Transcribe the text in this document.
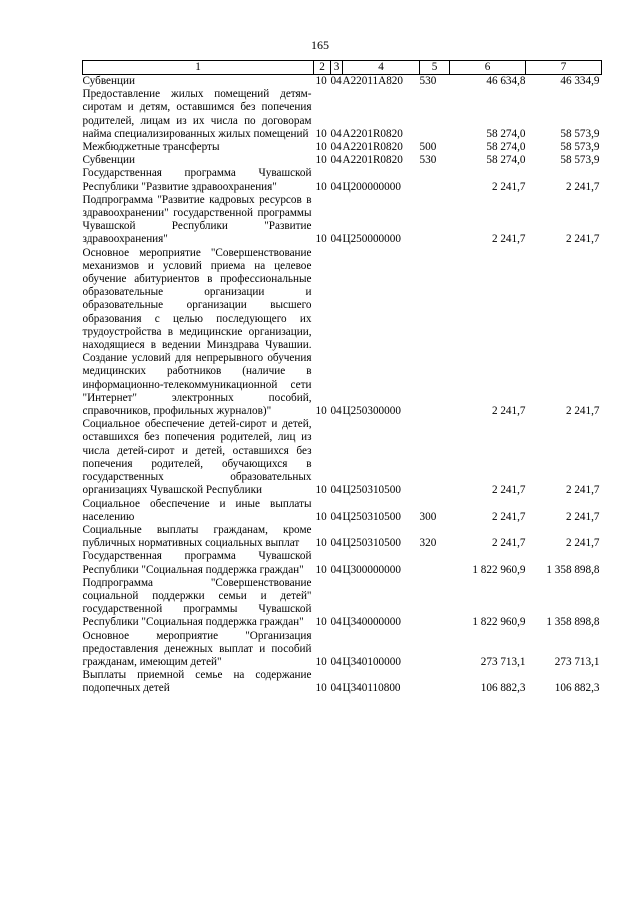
165
1	2	3	4	5	6	7
Субвенции	10	04	А22011А820	530	46 634,8	46 334,9
Предоставление жилых помещений детям-сиротам и детям, оставшимся без попечения родителей, лицам из их числа по договорам найма специализированных жилых помещений	10	04	А2201R0820		58 274,0	58 573,9
Межбюджетные трансферты	10	04	А2201R0820	500	58 274,0	58 573,9
Субвенции	10	04	А2201R0820	530	58 274,0	58 573,9
Государственная программа Чувашской Республики "Развитие здравоохранения"	10	04	Ц200000000		2 241,7	2 241,7
Подпрограмма "Развитие кадровых ресурсов в здравоохранении" государственной программы Чувашской Республики "Развитие здравоохранения"	10	04	Ц250000000		2 241,7	2 241,7
Основное мероприятие "Совершенствование механизмов и условий приема на целевое обучение абитуриентов в профессиональные образовательные организации и образовательные организации высшего образования с целью последующего их трудоустройства в медицинские организации, находящиеся в ведении Минздрава Чувашии. Создание условий для непрерывного обучения медицинских работников (наличие в информационно-телекоммуникационной сети "Интернет" электронных пособий, справочников, профильных журналов)"	10	04	Ц250300000		2 241,7	2 241,7
Социальное обеспечение детей-сирот и детей, оставшихся без попечения родителей, лиц из числа детей-сирот и детей, оставшихся без попечения родителей, обучающихся в государственных образовательных организациях Чувашской Республики	10	04	Ц250310500		2 241,7	2 241,7
Социальное обеспечение и иные выплаты населению	10	04	Ц250310500	300	2 241,7	2 241,7
Социальные выплаты гражданам, кроме публичных нормативных социальных выплат	10	04	Ц250310500	320	2 241,7	2 241,7
Государственная программа Чувашской Республики "Социальная поддержка граждан"	10	04	Ц300000000		1 822 960,9	1 358 898,8
Подпрограмма "Совершенствование социальной поддержки семьи и детей" государственной программы Чувашской Республики "Социальная поддержка граждан"	10	04	Ц340000000		1 822 960,9	1 358 898,8
Основное мероприятие "Организация предоставления денежных выплат и пособий гражданам, имеющим детей"	10	04	Ц340100000		273 713,1	273 713,1
Выплаты приемной семье на содержание подопечных детей	10	04	Ц340110800		106 882,3	106 882,3
